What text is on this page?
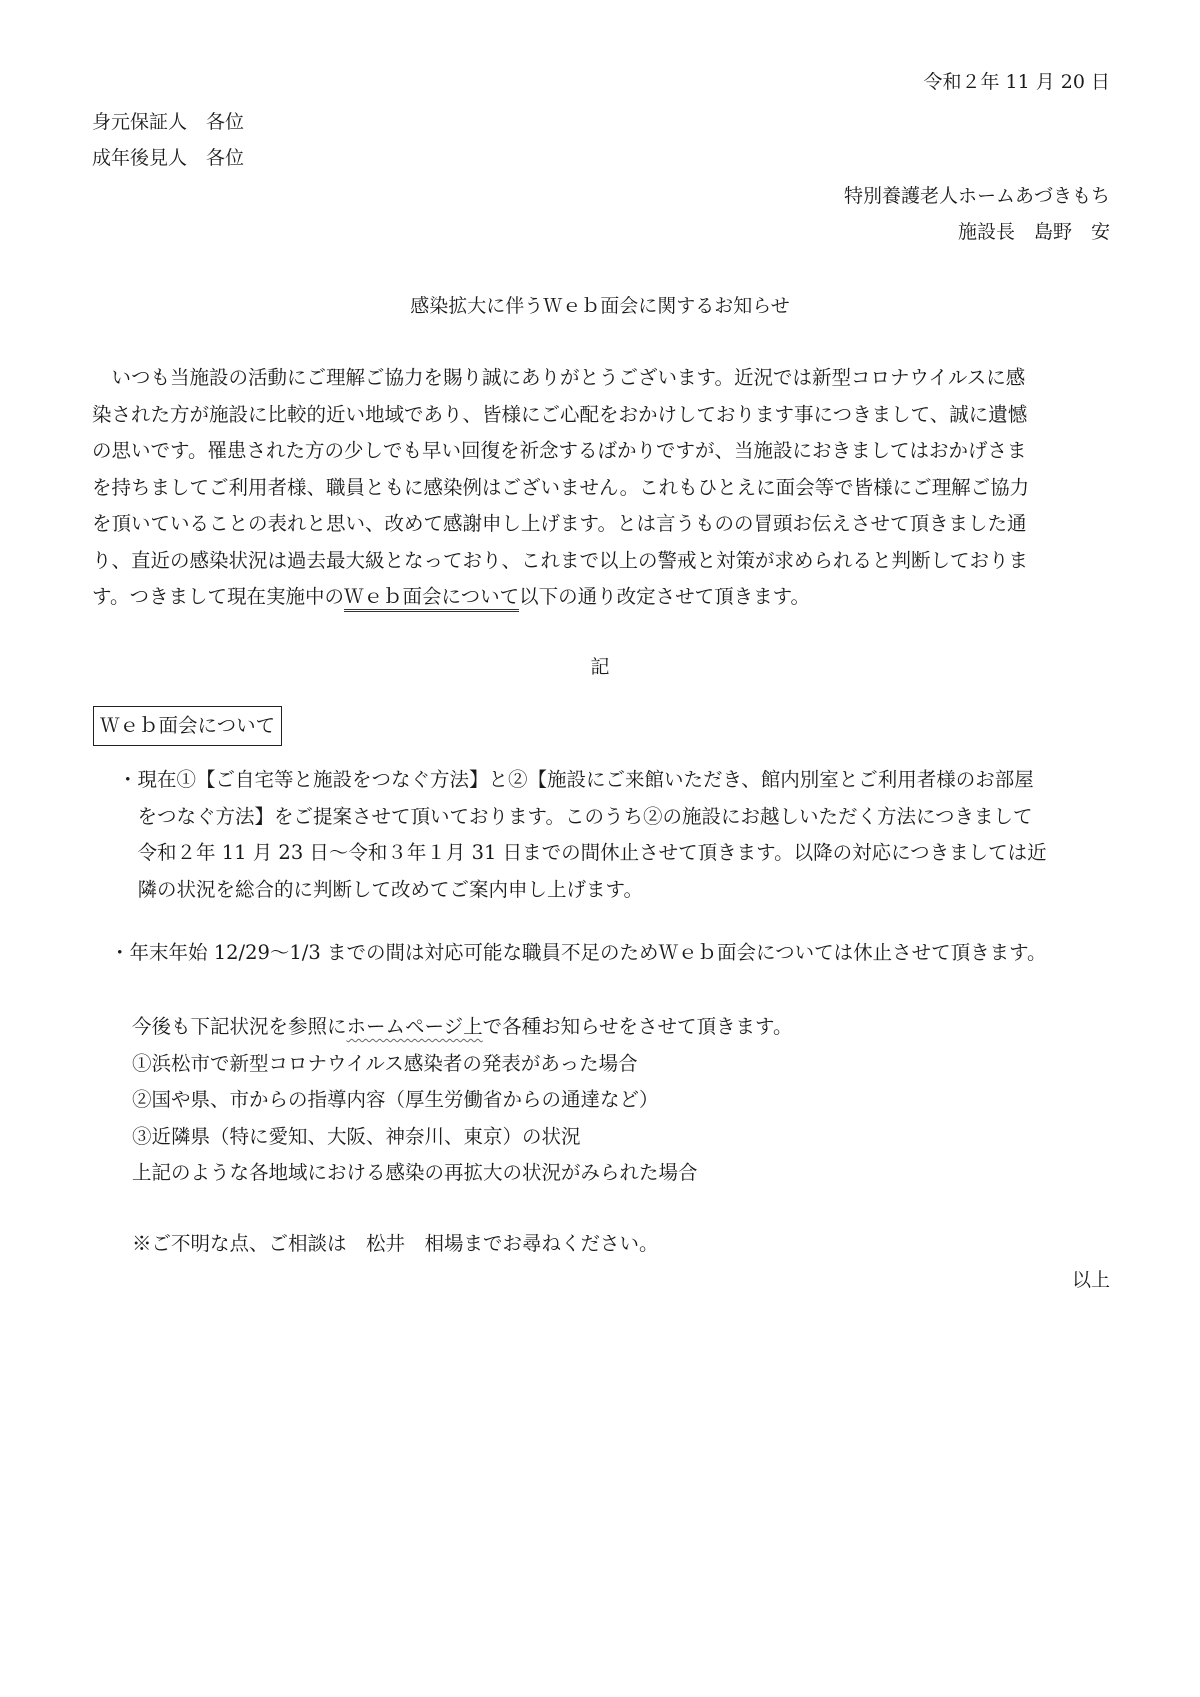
令和２年 11 月 20 日
身元保証人　各位
成年後見人　各位
特別養護老人ホームあづきもち
施設長　島野　安
感染拡大に伴うＷｅｂ面会に関するお知らせ
　いつも当施設の活動にご理解ご協力を賜り誠にありがとうございます。近況では新型コロナウイルスに感
染された方が施設に比較的近い地域であり、皆様にご心配をおかけしております事につきまして、誠に遺憾
の思いです。罹患された方の少しでも早い回復を祈念するばかりですが、当施設におきましてはおかげさま
を持ちましてご利用者様、職員ともに感染例はございません。これもひとえに面会等で皆様にご理解ご協力
を頂いていることの表れと思い、改めて感謝申し上げます。とは言うものの冒頭お伝えさせて頂きました通
り、直近の感染状況は過去最大級となっており、これまで以上の警戒と対策が求められると判断しておりま
す。つきまして現在実施中のＷｅｂ面会について以下の通り改定させて頂きます。
記
Ｗｅｂ面会について
・現在①【ご自宅等と施設をつなぐ方法】と②【施設にご来館いただき、館内別室とご利用者様のお部屋
　をつなぐ方法】をご提案させて頂いております。このうち②の施設にお越しいただく方法につきまして
　令和２年 11 月 23 日～令和３年１月 31 日までの間休止させて頂きます。以降の対応につきましては近
　隣の状況を総合的に判断して改めてご案内申し上げます。
・年末年始 12/29～1/3 までの間は対応可能な職員不足のためＷｅｂ面会については休止させて頂きます。
今後も下記状況を参照にホームページ上で各種お知らせをさせて頂きます。
①浜松市で新型コロナウイルス感染者の発表があった場合
②国や県、市からの指導内容（厚生労働省からの通達など）
③近隣県（特に愛知、大阪、神奈川、東京）の状況
上記のような各地域における感染の再拡大の状況がみられた場合
※ご不明な点、ご相談は　松井　相場までお尋ねください。
以上
